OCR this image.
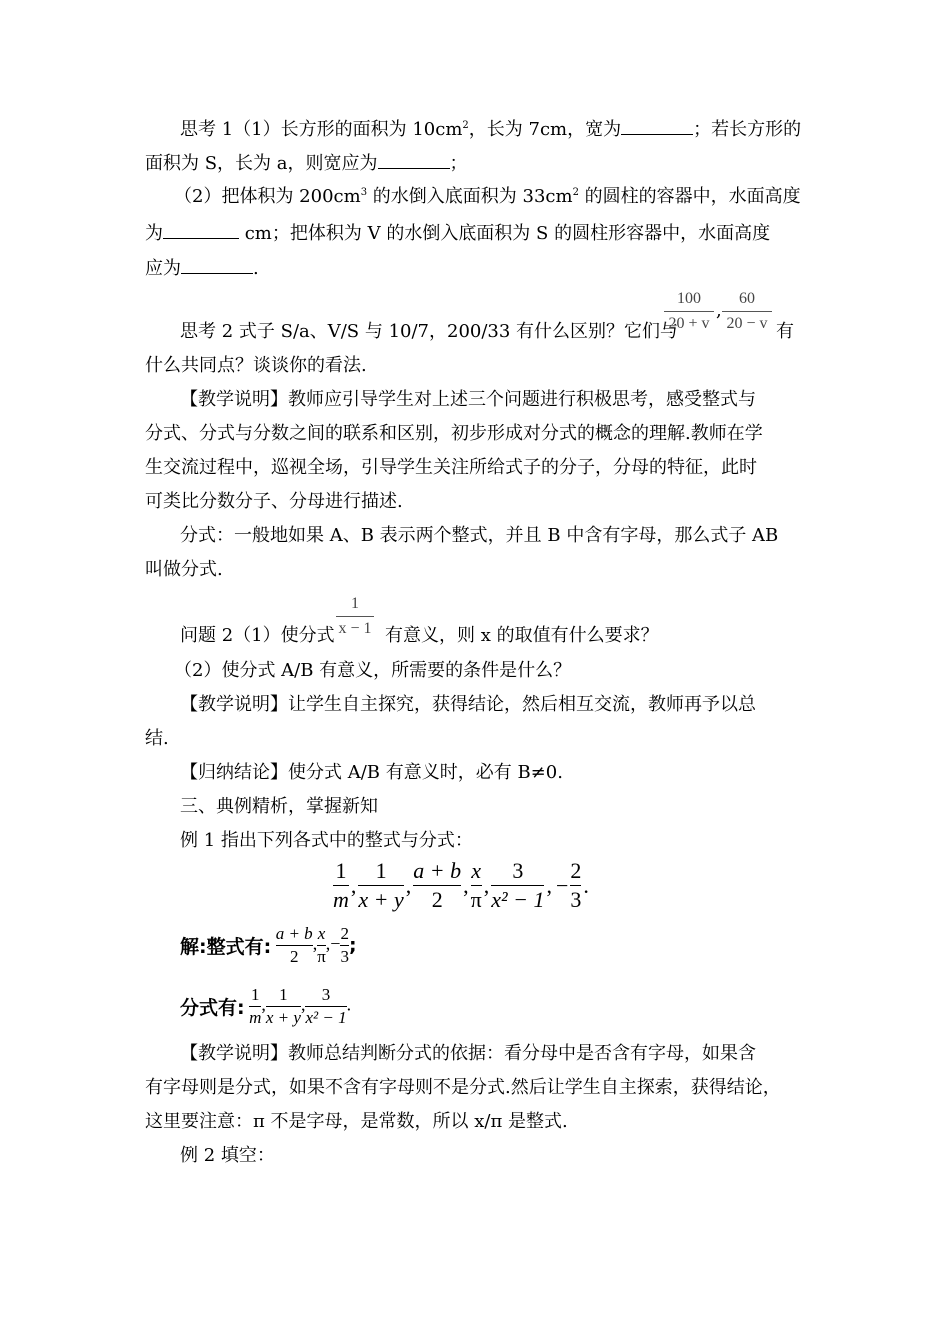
思考 1（1）长方形的面积为 $10cm^2$，长为 7cm，宽为	；若长方形的
面积为 S，长为 a，则宽应为	；
（2）把体积为 $200cm^3$ 的水倒入底面积为 $33cm^2$ 的圆柱的容器中，水面高度
为	cm；把体积为 V 的水倒入底面积为 S 的圆柱形容器中，水面高度
应为	.
思考 2 式子 S/a、V/S 与 10/7，200/33 有什么区别？它们与
100
20 + v
,
60
20 − v 有
什么共同点？谈谈你的看法.
【教学说明】教师应引导学生对上述三个问题进行积极思考，感受整式与
分式、分式与分数之间的联系和区别，初步形成对分式的概念的理解.教师在学
生交流过程中，巡视全场，引导学生关注所给式子的分子，分母的特征，此时
可类比分数分子、分母进行描述.
分式：一般地如果 A、B 表示两个整式，并且 B 中含有字母，那么式子 AB
叫做分式.
问题 2（1）使分式
1
x − 1 有意义，则 x 的取值有什么要求？
（2）使分式 A/B 有意义，所需要的条件是什么？
【教学说明】让学生自主探究，获得结论，然后相互交流，教师再予以总
结.
【归纳结论】使分式 A/B 有意义时，必有 B≠0.
三、典例精析，掌握新知
例 1 指出下列各式中的整式与分式：
$\frac{1}{m}$ , $\frac{1}{x + y}$ , $\frac{a + b}{2}$ , $\frac{x}{\pi}$ , $\frac{3}{\text{x² − 1}}$ , − $\frac{2}{3}$ .
解:整式有: $\frac{a + b}{2}$ , $\frac{x}{\pi}$ ,− $\frac{2}{3}$ ;
分式有: $\frac{1}{m}$ , $\frac{1}{x + y}$ , $\frac{3}{\text{x² − 1}}$ .
【教学说明】教师总结判断分式的依据：看分母中是否含有字母，如果含
有字母则是分式，如果不含有字母则不是分式.然后让学生自主探索，获得结论，
这里要注意：π 不是字母，是常数，所以 x/π 是整式.
例 2 填空：
